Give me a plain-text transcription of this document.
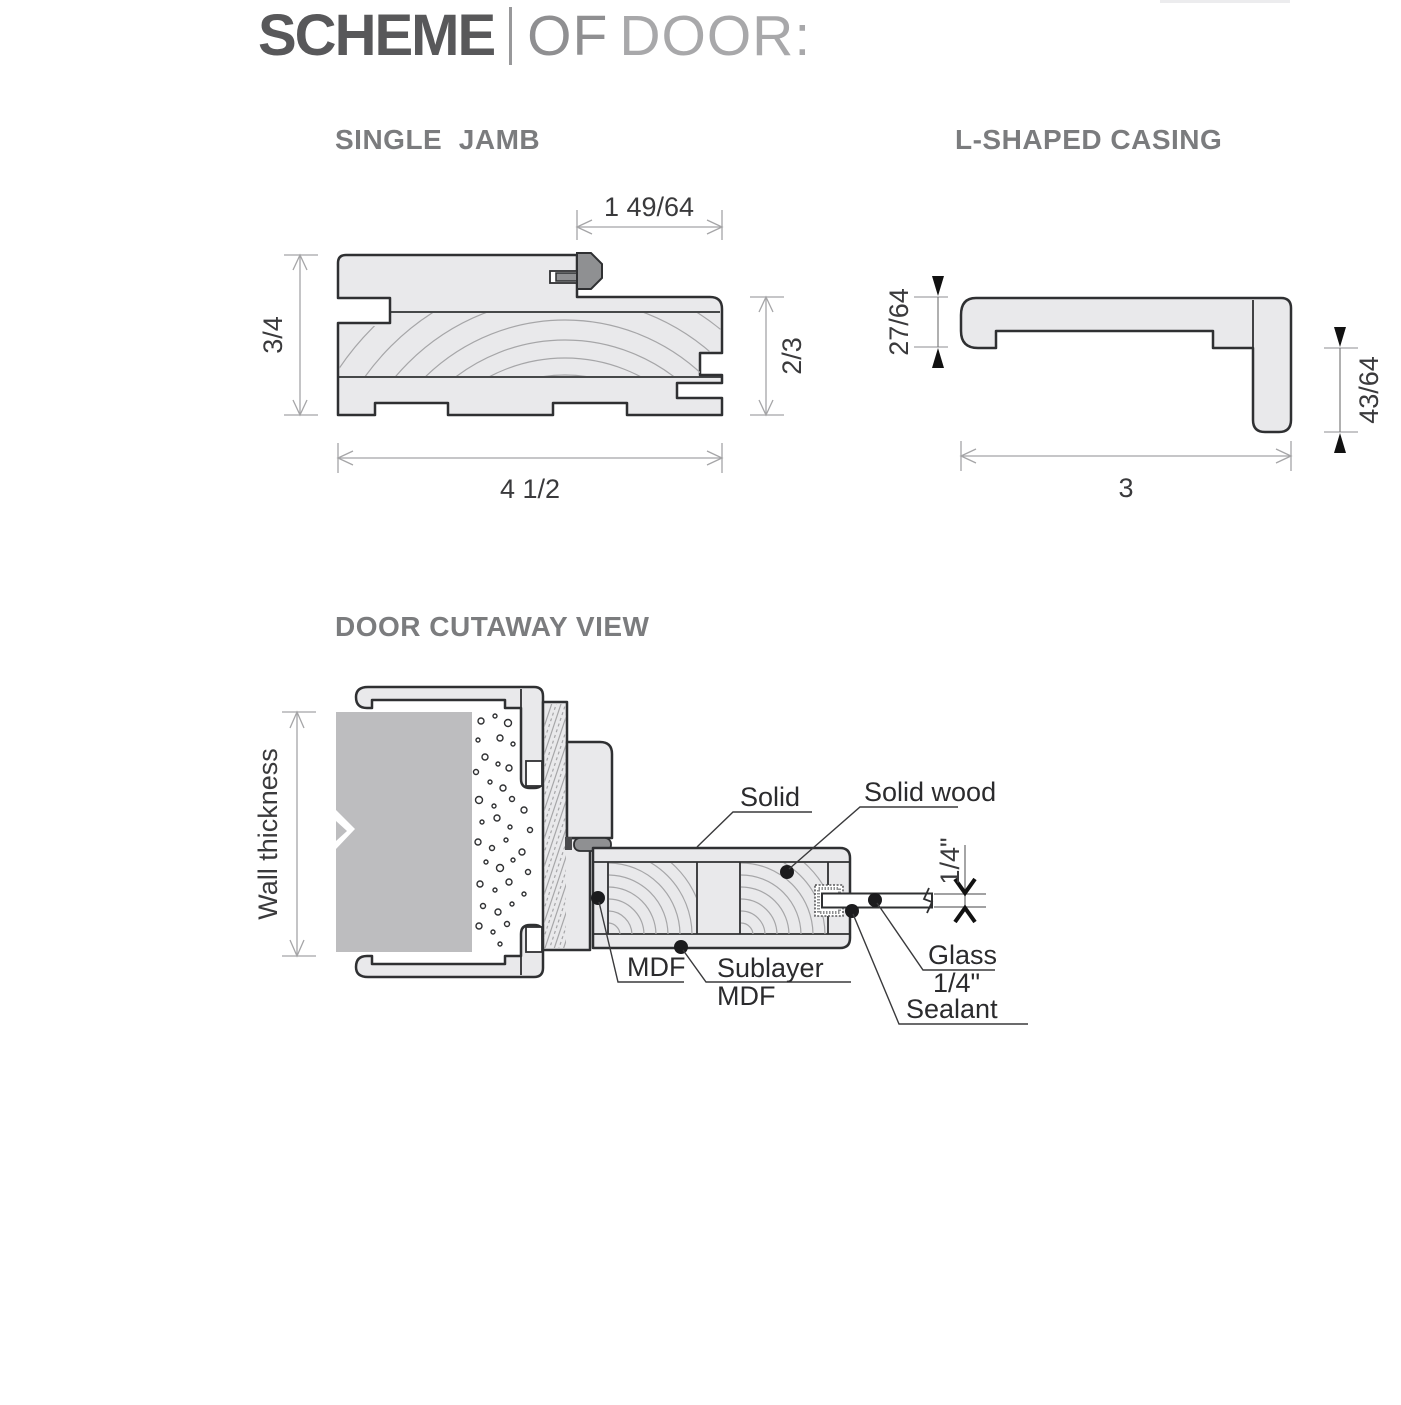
SCHEME OF DOOR:
SINGLE  JAMB	L-SHAPED CASING
DOOR CUTAWAY VIEW
1 49/64
3/4
2/3
4 1/2
27/64
43/64
3
1/4"
Solid Solid wood
MDF Sublayer
MDF
Glass
1/4"
Sealant
Wall thickness
